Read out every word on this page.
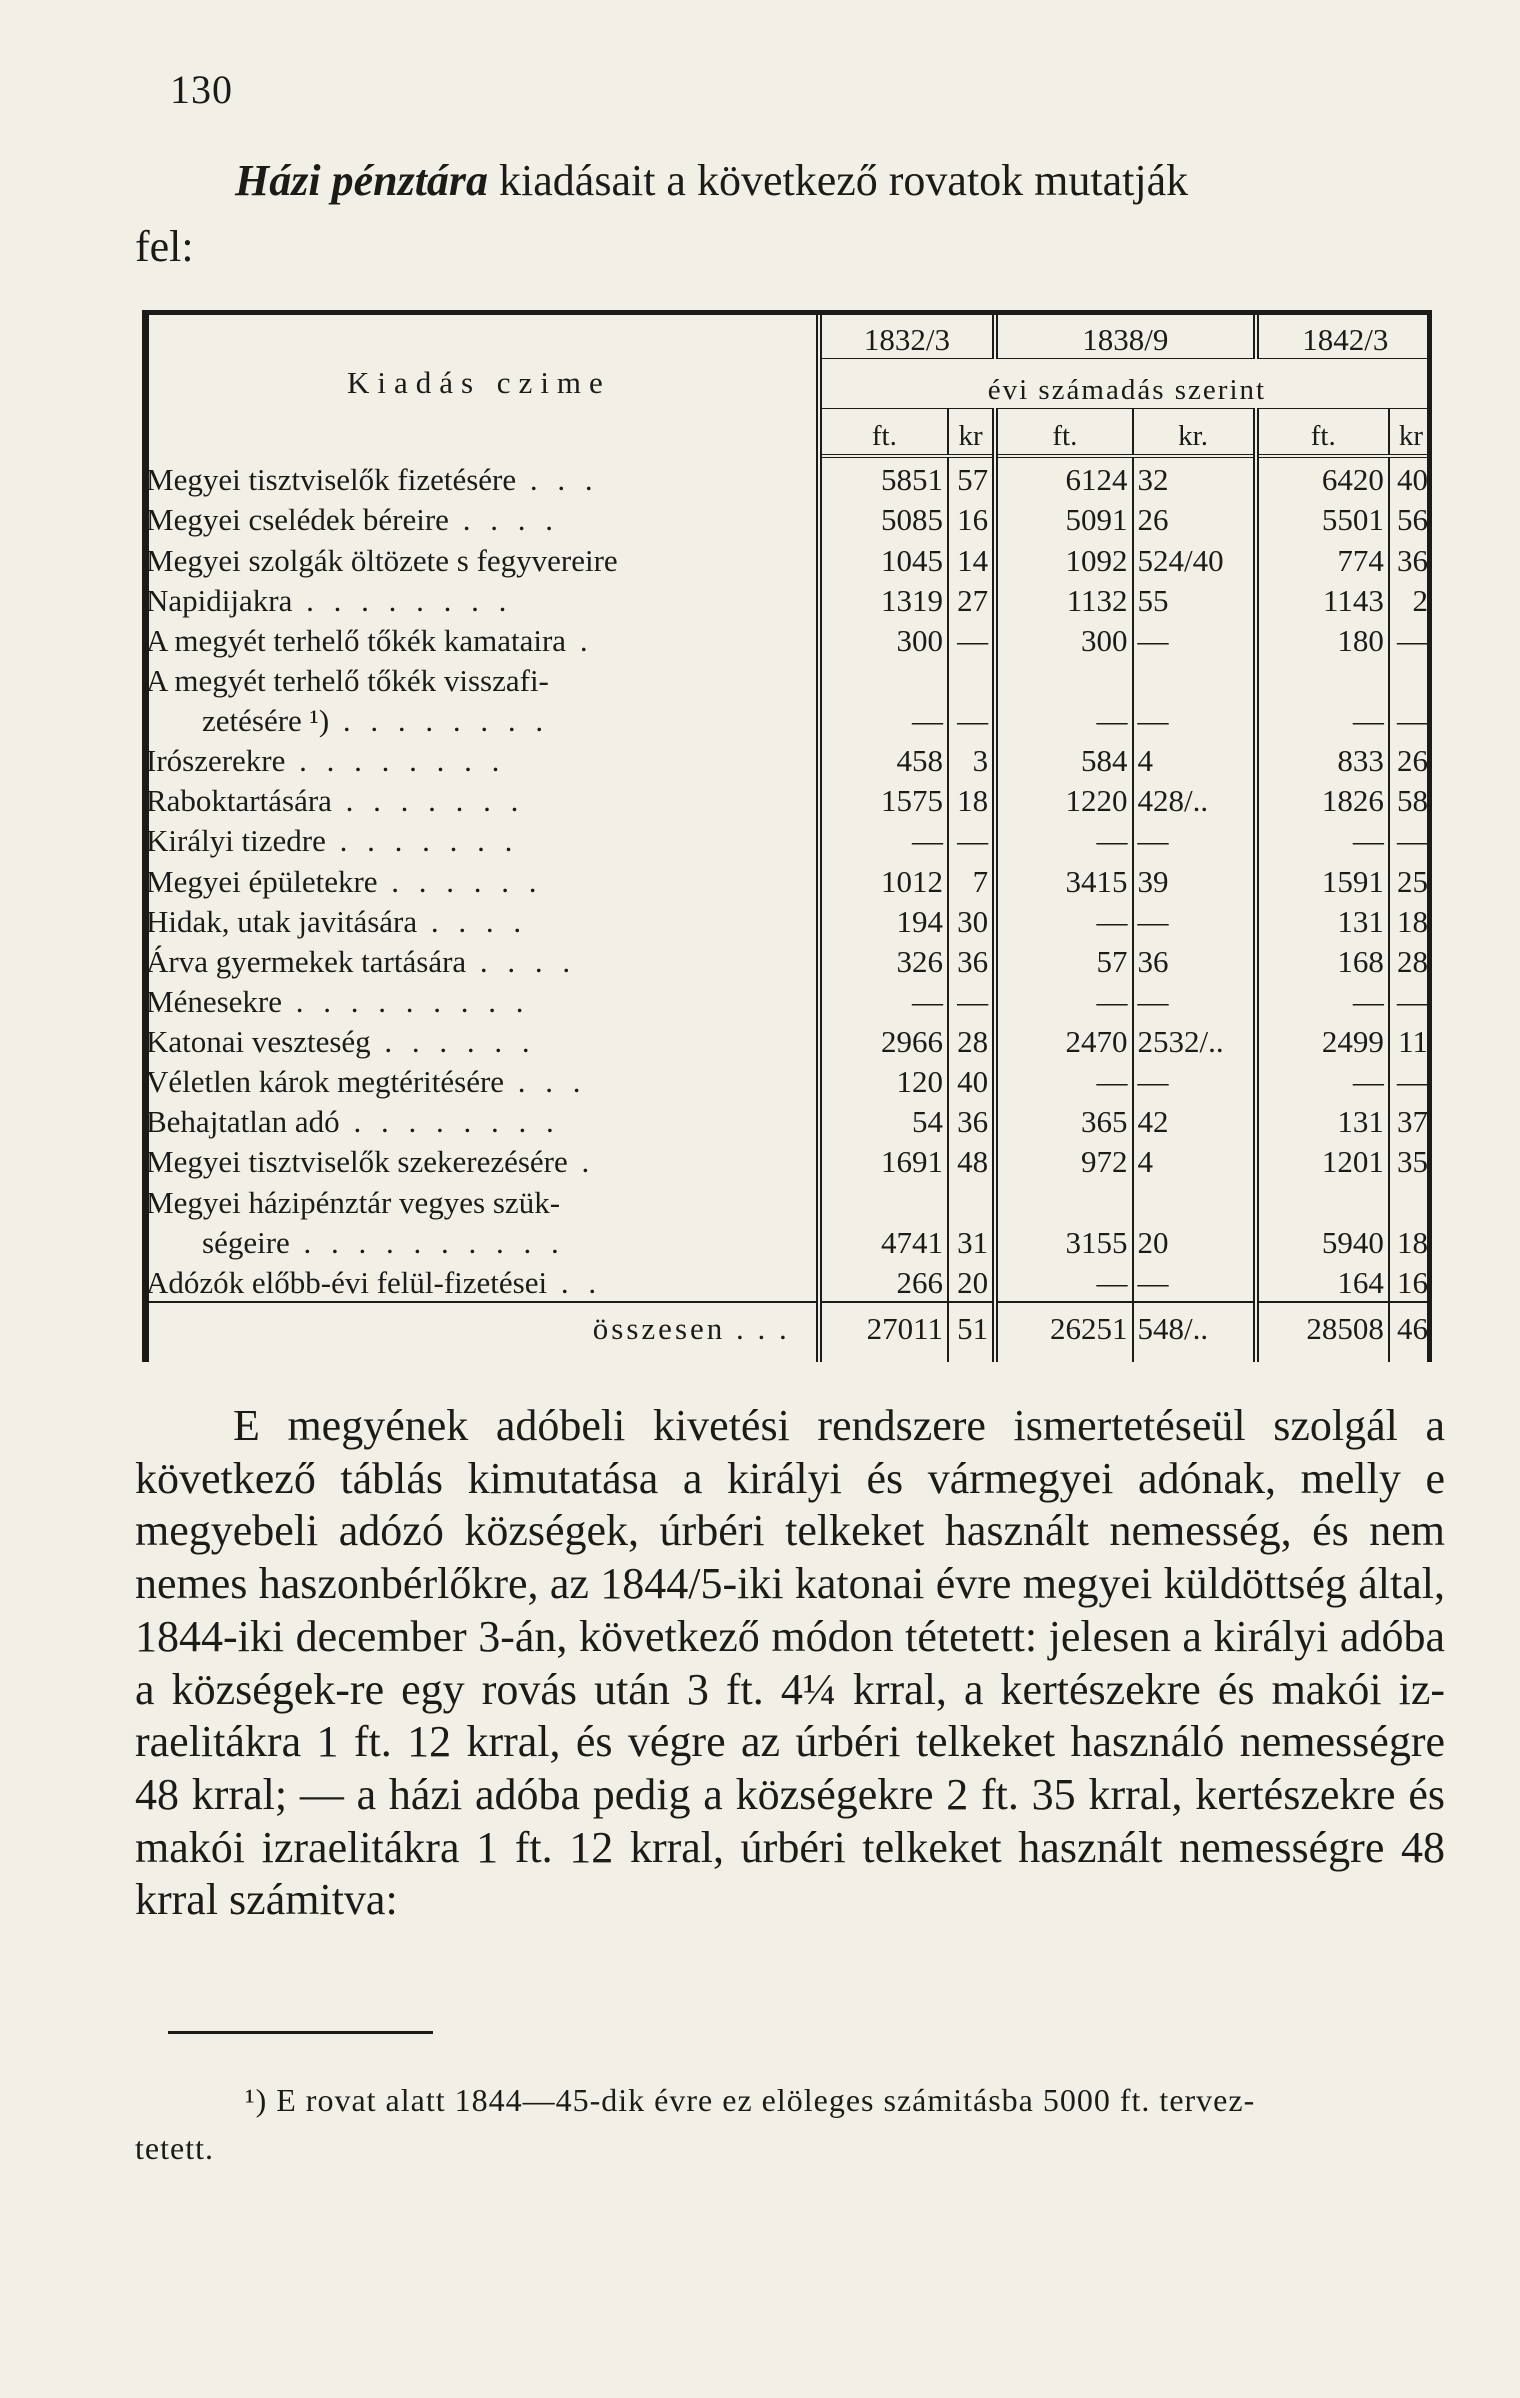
130
Házi pénztára kiadásait a következő rovatok mutatják
fel:
Kiadás czime	1832/3		1838/9		1842/3	
	évi számadás szerint					
	ft.	kr	ft.	kr.	ft.	kr
Megyei tisztviselők fizetésére . . .	5851	57	6124	32	6420	40
Megyei cselédek béreire . . . .	5085	16	5091	26	5501	56
Megyei szolgák öltözete s fegyvereire	1045	14	1092	524/40	774	36
Napidijakra . . . . . . . .	1319	27	1132	55	1143	2
A megyét terhelő tőkék kamataira .	300	—	300	—	180	—
A megyét terhelő tőkék visszafi-						
zetésére ¹) . . . . . . . .	—	—	—	—	—	—
Irószerekre . . . . . . . .	458	3	584	4	833	26
Raboktartására . . . . . . .	1575	18	1220	428/..	1826	58
Királyi tizedre . . . . . . .	—	—	—	—	—	—
Megyei épületekre . . . . . .	1012	7	3415	39	1591	25
Hidak, utak javitására . . . .	194	30	—	—	131	18
Árva gyermekek tartására . . . .	326	36	57	36	168	28
Ménesekre . . . . . . . . .	—	—	—	—	—	—
Katonai veszteség . . . . . .	2966	28	2470	2532/..	2499	11
Véletlen károk megtéritésére . . .	120	40	—	—	—	—
Behajtatlan adó . . . . . . . .	54	36	365	42	131	37
Megyei tisztviselők szekerezésére .	1691	48	972	4	1201	35
Megyei házipénztár vegyes szük-						
ségeire . . . . . . . . . .	4741	31	3155	20	5940	18
Adózók előbb-évi felül-fizetései . .	266	20	—	—	164	16
összesen . . .	27011	51	26251	548/..	28508	46
E megyének adóbeli kivetési rendszere ismertetéseül szolgál a következő táblás kimutatása a királyi és vármegyei adónak, melly e megyebeli adózó községek, úrbéri telkeket használt nemesség, és nem nemes haszonbérlőkre, az 1844/5-iki katonai évre megyei küldöttség által, 1844-iki december 3-án, következő módon tétetett: jelesen a királyi adóba a községek-re egy rovás után 3 ft. 4¼ krral, a kertészekre és makói iz-raelitákra 1 ft. 12 krral, és végre az úrbéri telkeket használó nemességre 48 krral; — a házi adóba pedig a községekre 2 ft. 35 krral, kertészekre és makói izraelitákra 1 ft. 12 krral, úrbéri telkeket használt nemességre 48 krral számitva:
¹) E rovat alatt 1844—45-dik évre ez elöleges számitásba 5000 ft. tervez-
tetett.
